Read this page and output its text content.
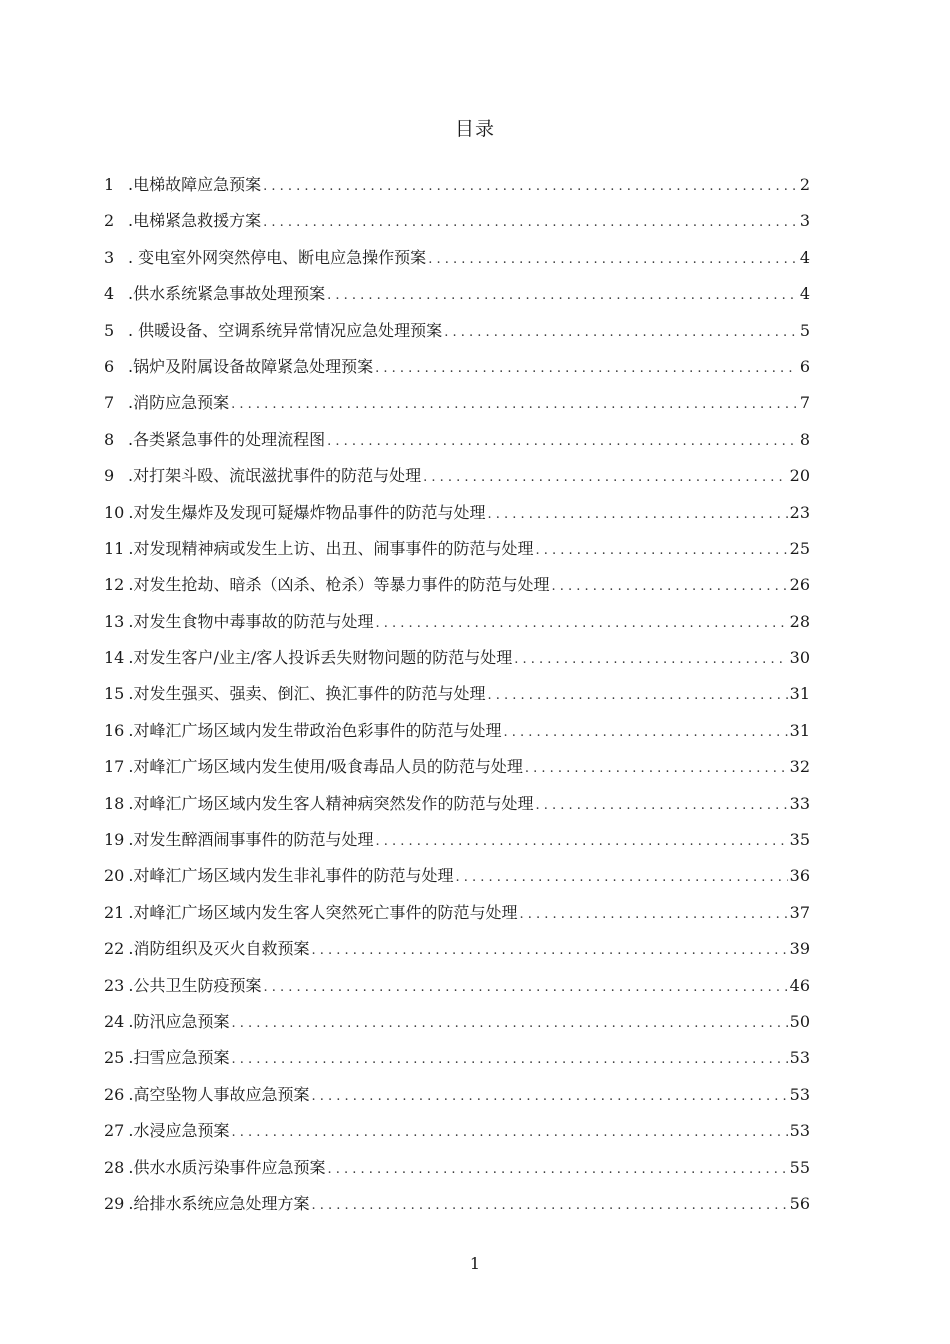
目录
1 .电梯故障应急预案 . . .	2
2 .电梯紧急救援方案 . . .	3
3 . 变电室外网突然停电、断电应急操作预案 . . .	4
4 .供水系统紧急事故处理预案 . . .	4
5 . 供暖设备、空调系统异常情况应急处理预案 . . .	5
6 .锅炉及附属设备故障紧急处理预案 . . .	6
7 .消防应急预案 . . .	7
8 .各类紧急事件的处理流程图 . . .	8
9 .对打架斗殴、流氓滋扰事件的防范与处理 . . .	20
10 .对发生爆炸及发现可疑爆炸物品事件的防范与处理 . . .	23
11 .对发现精神病或发生上访、出丑、闹事事件的防范与处理 . . .	25
12 .对发生抢劫、暗杀（凶杀、枪杀）等暴力事件的防范与处理 . . .	26
13 .对发生食物中毒事故的防范与处理 . . .	28
14 .对发生客户/业主/客人投诉丢失财物问题的防范与处理 . . .	30
15 .对发生强买、强卖、倒汇、换汇事件的防范与处理 . . .	31
16 .对峰汇广场区域内发生带政治色彩事件的防范与处理 . . .	31
17 .对峰汇广场区域内发生使用/吸食毒品人员的防范与处理 . . .	32
18 .对峰汇广场区域内发生客人精神病突然发作的防范与处理 . . .	33
19 .对发生醉酒闹事事件的防范与处理 . . .	35
20 .对峰汇广场区域内发生非礼事件的防范与处理 . . .	36
21 .对峰汇广场区域内发生客人突然死亡事件的防范与处理 . . .	37
22 .消防组织及灭火自救预案 . . .	39
23 .公共卫生防疫预案 . . .	46
24 .防汛应急预案 . . .	50
25 .扫雪应急预案 . . .	53
26 .高空坠物人事故应急预案 . . .	53
27 .水浸应急预案 . . .	53
28 .供水水质污染事件应急预案 . . .	55
29 .给排水系统应急处理方案 . . .	56
1
